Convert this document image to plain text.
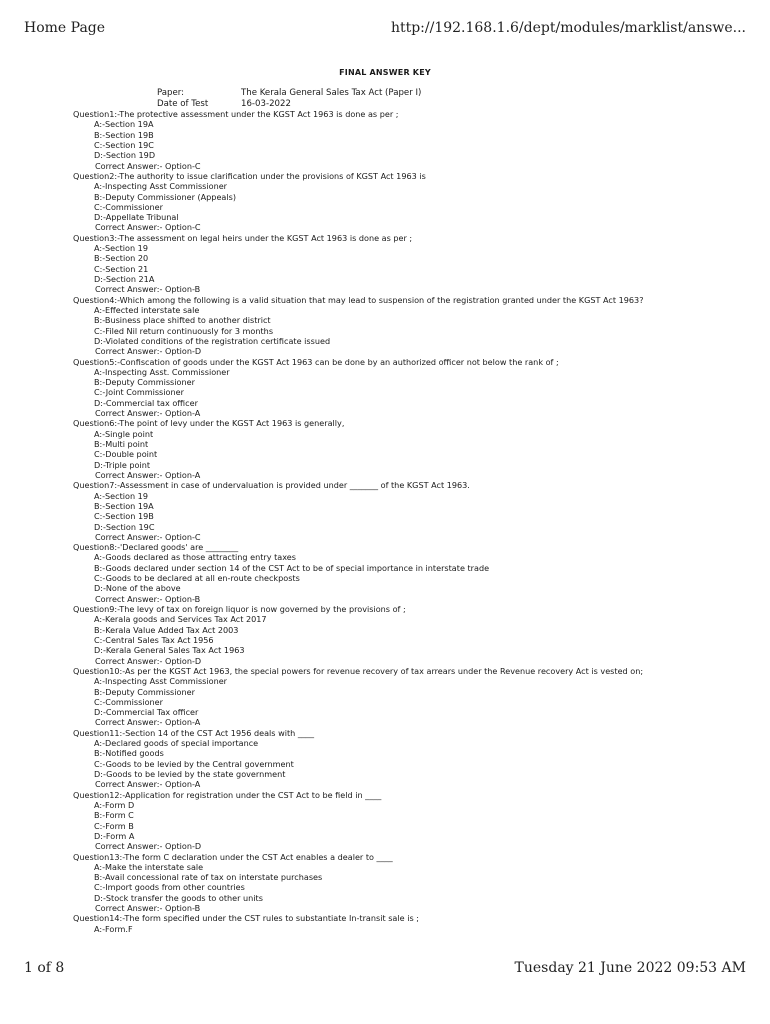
Home Page	http://192.168.1.6/dept/modules/marklist/answe...
FINAL ANSWER KEY
Paper:	The Kerala General Sales Tax Act (Paper I)
Date of Test	16-03-2022
Question1:-The protective assessment under the KGST Act 1963 is done as per ;
A:-Section 19A
B:-Section 19B
C:-Section 19C
D:-Section 19D
Correct Answer:- Option-C
Question2:-The authority to issue clarification under the provisions of KGST Act 1963 is
A:-Inspecting Asst Commissioner
B:-Deputy Commissioner (Appeals)
C:-Commissioner
D:-Appellate Tribunal
Correct Answer:- Option-C
Question3:-The assessment on legal heirs under the KGST Act 1963 is done as per ;
A:-Section 19
B:-Section 20
C:-Section 21
D:-Section 21A
Correct Answer:- Option-B
Question4:-Which among the following is a valid situation that may lead to suspension of the registration granted under the KGST Act 1963?
A:-Effected interstate sale
B:-Business place shifted to another district
C:-Filed Nil return continuously for 3 months
D:-Violated conditions of the registration certificate issued
Correct Answer:- Option-D
Question5:-Confiscation of goods under the KGST Act 1963 can be done by an authorized officer not below the rank of ;
A:-Inspecting Asst. Commissioner
B:-Deputy Commissioner
C:-Joint Commissioner
D:-Commercial tax officer
Correct Answer:- Option-A
Question6:-The point of levy under the KGST Act 1963 is generally,
A:-Single point
B:-Multi point
C:-Double point
D:-Triple point
Correct Answer:- Option-A
Question7:-Assessment in case of undervaluation is provided under _______ of the KGST Act 1963.
A:-Section 19
B:-Section 19A
C:-Section 19B
D:-Section 19C
Correct Answer:- Option-C
Question8:-'Declared goods' are ________
A:-Goods declared as those attracting entry taxes
B:-Goods declared under section 14 of the CST Act to be of special importance in interstate trade
C:-Goods to be declared at all en-route checkposts
D:-None of the above
Correct Answer:- Option-B
Question9:-The levy of tax on foreign liquor is now governed by the provisions of ;
A:-Kerala goods and Services Tax Act 2017
B:-Kerala Value Added Tax Act 2003
C:-Central Sales Tax Act 1956
D:-Kerala General Sales Tax Act 1963
Correct Answer:- Option-D
Question10:-As per the KGST Act 1963, the special powers for revenue recovery of tax arrears under the Revenue recovery Act is vested on;
A:-Inspecting Asst Commissioner
B:-Deputy Commissioner
C:-Commissioner
D:-Commercial Tax officer
Correct Answer:- Option-A
Question11:-Section 14 of the CST Act 1956 deals with ____
A:-Declared goods of special importance
B:-Notified goods
C:-Goods to be levied by the Central government
D:-Goods to be levied by the state government
Correct Answer:- Option-A
Question12:-Application for registration under the CST Act to be field in ____
A:-Form D
B:-Form C
C:-Form B
D:-Form A
Correct Answer:- Option-D
Question13:-The form C declaration under the CST Act enables a dealer to ____
A:-Make the interstate sale
B:-Avail concessional rate of tax on interstate purchases
C:-Import goods from other countries
D:-Stock transfer the goods to other units
Correct Answer:- Option-B
Question14:-The form specified under the CST rules to substantiate In-transit sale is ;
A:-Form.F
1 of 8	Tuesday 21 June 2022 09:53 AM
